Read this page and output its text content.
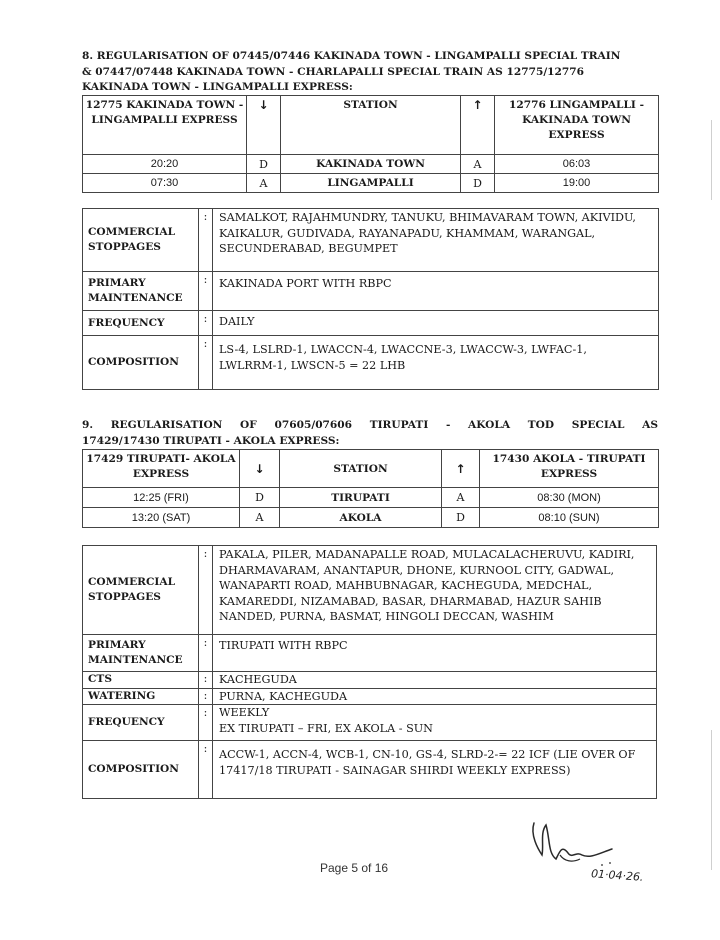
8. REGULARISATION OF 07445/07446 KAKINADA TOWN - LINGAMPALLI SPECIAL TRAIN
& 07447/07448 KAKINADA TOWN - CHARLAPALLI SPECIAL TRAIN AS 12775/12776
KAKINADA TOWN - LINGAMPALLI EXPRESS:
12775 KAKINADA TOWN - LINGAMPALLI EXPRESS	↓	STATION	↑	12776 LINGAMPALLI - KAKINADA TOWN EXPRESS
20:20	D	KAKINADA TOWN	A	06:03
07:30	A	LINGAMPALLI	D	19:00
COMMERCIAL STOPPAGES	:	SAMALKOT, RAJAHMUNDRY, TANUKU, BHIMAVARAM TOWN, AKIVIDU,
KAIKALUR, GUDIVADA, RAYANAPADU, KHAMMAM, WARANGAL,
SECUNDERABAD, BEGUMPET

PRIMARY MAINTENANCE	:	KAKINADA PORT WITH RBPC

FREQUENCY	:	DAILY

COMPOSITION	:	LS-4, LSLRD-1, LWACCN-4, LWACCNE-3, LWACCW-3, LWFAC-1,
LWLRRM-1, LWSCN-5 = 22 LHB
9. REGULARISATION OF 07605/07606 TIRUPATI - AKOLA TOD SPECIAL AS
17429/17430 TIRUPATI - AKOLA EXPRESS:
17429 TIRUPATI- AKOLA EXPRESS	↓	STATION	↑	17430 AKOLA - TIRUPATI EXPRESS
12:25 (FRI)	D	TIRUPATI	A	08:30 (MON)
13:20 (SAT)	A	AKOLA	D	08:10 (SUN)
COMMERCIAL STOPPAGES	:	PAKALA, PILER, MADANAPALLE ROAD, MULACALACHERUVU, KADIRI,
DHARMAVARAM, ANANTAPUR, DHONE, KURNOOL CITY, GADWAL,
WANAPARTI ROAD, MAHBUBNAGAR, KACHEGUDA, MEDCHAL,
KAMAREDDI, NIZAMABAD, BASAR, DHARMABAD, HAZUR SAHIB
NANDED, PURNA, BASMAT, HINGOLI DECCAN, WASHIM

PRIMARY MAINTENANCE	:	TIRUPATI WITH RBPC

CTS	:	KACHEGUDA

WATERING	:	PURNA, KACHEGUDA

FREQUENCY	:	WEEKLY
EX TIRUPATI – FRI, EX AKOLA - SUN

COMPOSITION	:	ACCW-1, ACCN-4, WCB-1, CN-10, GS-4, SLRD-2-= 22 ICF (LIE OVER OF
17417/18 TIRUPATI - SAINAGAR SHIRDI WEEKLY EXPRESS)
01·04·26.
Page 5 of 16
